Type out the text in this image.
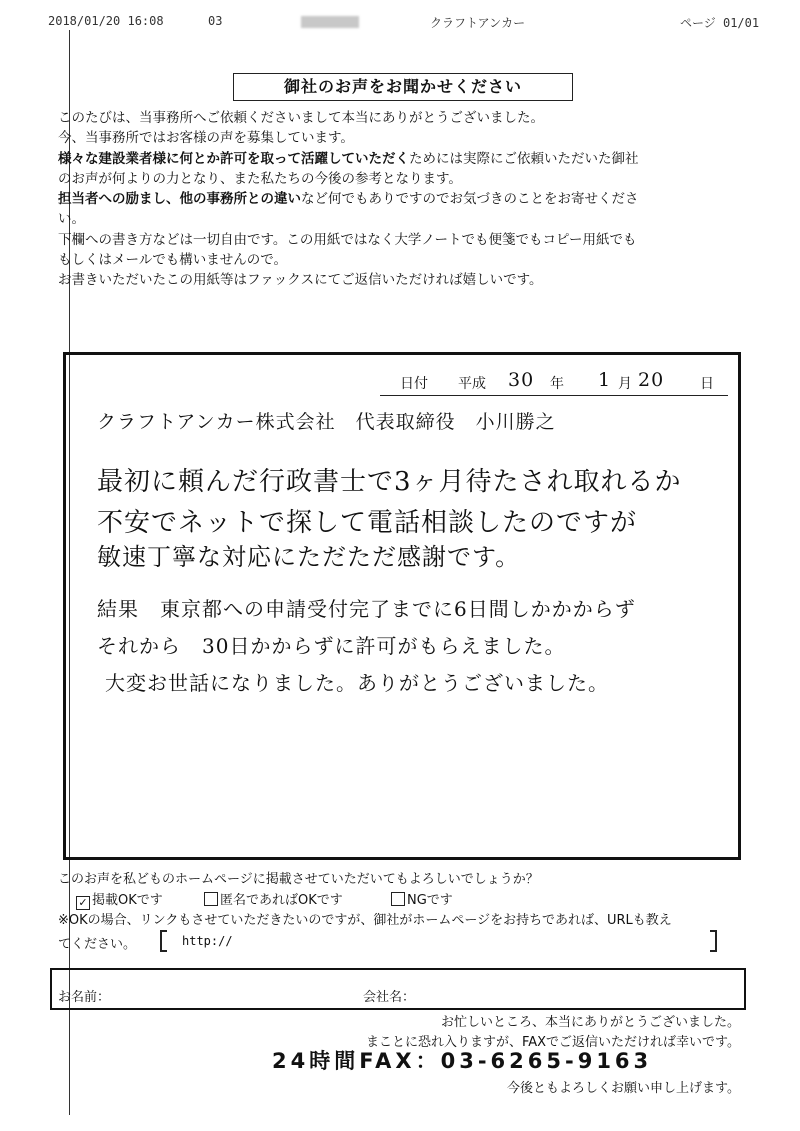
2018/01/20 16:08	03	クラフトアンカー	ページ 01/01
御社のお声をお聞かせください

このたびは、当事務所へご依頼くださいまして本当にありがとうございました。

今、当事務所ではお客様の声を募集しています。

様々な建設業者様に何とか許可を取って活躍していただくためには実際にご依頼いただいた御社

のお声が何よりの力となり、また私たちの今後の参考となります。

担当者への励まし、他の事務所との違いなど何でもありですのでお気づきのことをお寄せくださ

い。

下欄への書き方などは一切自由です。この用紙ではなく大学ノートでも便箋でもコピー用紙でも

もしくはメールでも構いませんので。

お書きいただいたこの用紙等はファックスにてご返信いただければ嬉しいです。

日付 平成 30 年 1 月 20	日
クラフトアンカー株式会社　代表取締役　小川勝之
最初に頼んだ行政書士で3ヶ月待たされ取れるか
不安でネットで探して電話相談したのですが
敏速丁寧な対応にただただ感謝です。
結果　東京都への申請受付完了までに6日間しかかからず
それから　30日かからずに許可がもらえました。
大変お世話になりました。ありがとうございました。
このお声を私どものホームページに掲載させていただいてもよろしいでしょうか？
✓ 掲載OKです	匿名であればOKです	NGです
※OKの場合、リンクもさせていただきたいのですが、御社がホームページをお持ちであれば、URLも教え
てください。	http://
お名前：	会社名：
お忙しいところ、本当にありがとうございました。
まことに恐れ入りますが、FAXでご返信いただければ幸いです。
24時間FAX：03-6265-9163
今後ともよろしくお願い申し上げます。
